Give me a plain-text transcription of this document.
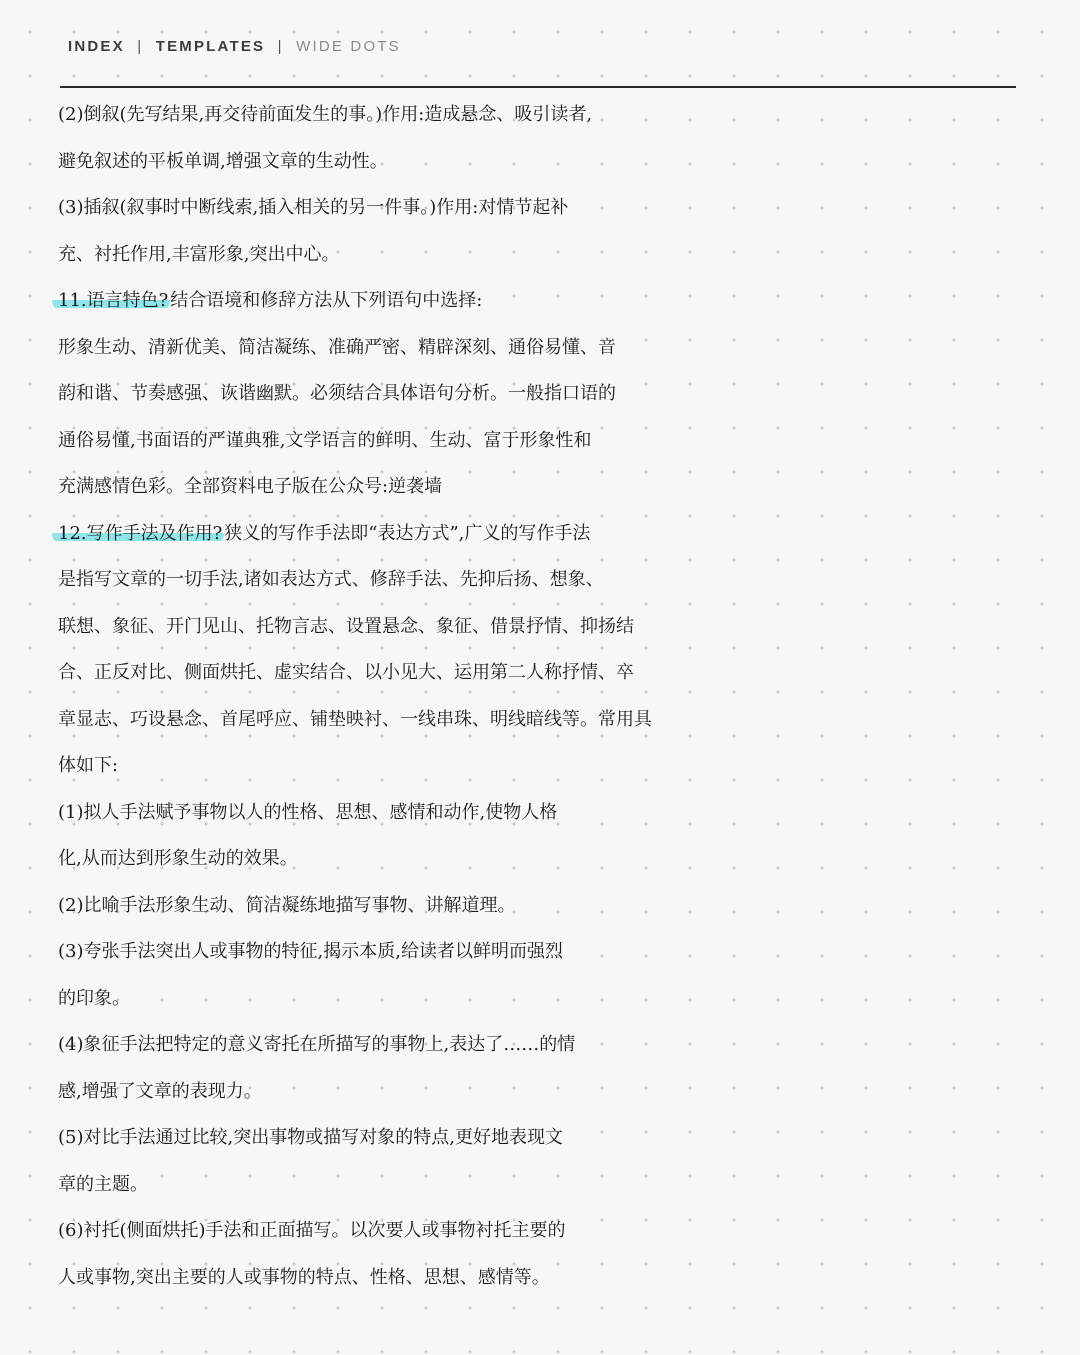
INDEX | TEMPLATES | WIDE DOTS
(2)倒叙(先写结果,再交待前面发生的事。)作用:造成悬念、吸引读者,
避免叙述的平板单调,增强文章的生动性。
(3)插叙(叙事时中断线索,插入相关的另一件事。)作用:对情节起补
充、衬托作用,丰富形象,突出中心。
11.语言特色? 结合语境和修辞方法从下列语句中选择:
形象生动、清新优美、简洁凝练、准确严密、精辟深刻、通俗易懂、音
韵和谐、节奏感强、诙谐幽默。必须结合具体语句分析。一般指口语的
通俗易懂,书面语的严谨典雅,文学语言的鲜明、生动、富于形象性和
充满感情色彩。全部资料电子版在公众号:逆袭墙
12.写作手法及作用? 狭义的写作手法即“表达方式”,广义的写作手法
是指写文章的一切手法,诸如表达方式、修辞手法、先抑后扬、想象、
联想、象征、开门见山、托物言志、设置悬念、象征、借景抒情、抑扬结
合、正反对比、侧面烘托、虚实结合、以小见大、运用第二人称抒情、卒
章显志、巧设悬念、首尾呼应、铺垫映衬、一线串珠、明线暗线等。常用具
体如下:
(1)拟人手法赋予事物以人的性格、思想、感情和动作,使物人格
化,从而达到形象生动的效果。
(2)比喻手法形象生动、简洁凝练地描写事物、讲解道理。
(3)夸张手法突出人或事物的特征,揭示本质,给读者以鲜明而强烈
的印象。
(4)象征手法把特定的意义寄托在所描写的事物上,表达了……的情
感,增强了文章的表现力。
(5)对比手法通过比较,突出事物或描写对象的特点,更好地表现文
章的主题。
(6)衬托(侧面烘托)手法和正面描写。以次要人或事物衬托主要的
人或事物,突出主要的人或事物的特点、性格、思想、感情等。
